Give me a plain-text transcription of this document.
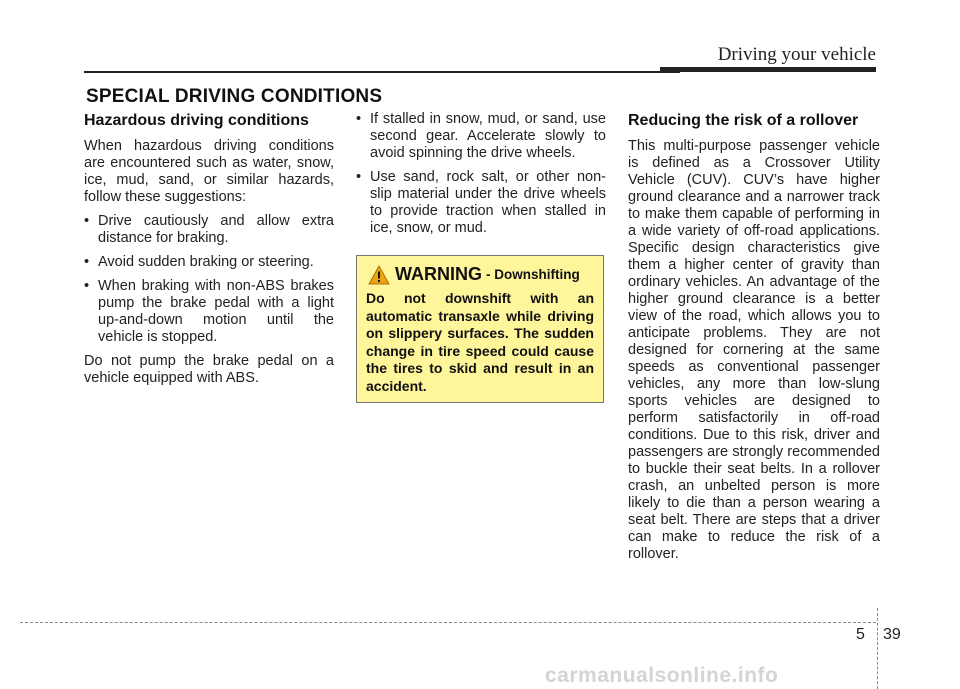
Driving your vehicle
SPECIAL DRIVING CONDITIONS
Hazardous driving conditions

When hazardous driving conditions are encountered such as water, snow, ice, mud, sand, or similar hazards, follow these suggestions:

• Drive cautiously and allow extra distance for braking.
• Avoid sudden braking or steering.
• When braking with non-ABS brakes pump the brake pedal with a light up-and-down motion until the vehicle is stopped.

Do not pump the brake pedal on a vehicle equipped with ABS.

• If stalled in snow, mud, or sand, use second gear. Accelerate slowly to avoid spinning the drive wheels.
• Use sand, rock salt, or other non-slip material under the drive wheels to provide traction when stalled in ice, snow, or mud.
WARNING - Downshifting

Do not downshift with an automatic transaxle while driving on slippery surfaces. The sudden change in tire speed could cause the tires to skid and result in an accident.

Reducing the risk of a rollover

This multi-purpose passenger vehicle is defined as a Crossover Utility Vehicle (CUV). CUV’s have higher ground clearance and a narrower track to make them capable of performing in a wide variety of off-road applications. Specific design characteristics give them a higher center of gravity than ordinary vehicles. An advantage of the higher ground clearance is a better view of the road, which allows you to anticipate problems. They are not designed for cornering at the same speeds as conventional passenger vehicles, any more than low-slung sports vehicles are designed to perform satisfactorily in off-road conditions. Due to this risk, driver and passengers are strongly recommended to buckle their seat belts. In a rollover crash, an unbelted person is more likely to die than a person wearing a seat belt. There are steps that a driver can make to reduce the risk of a rollover.

5 39
carmanualsonline.info
